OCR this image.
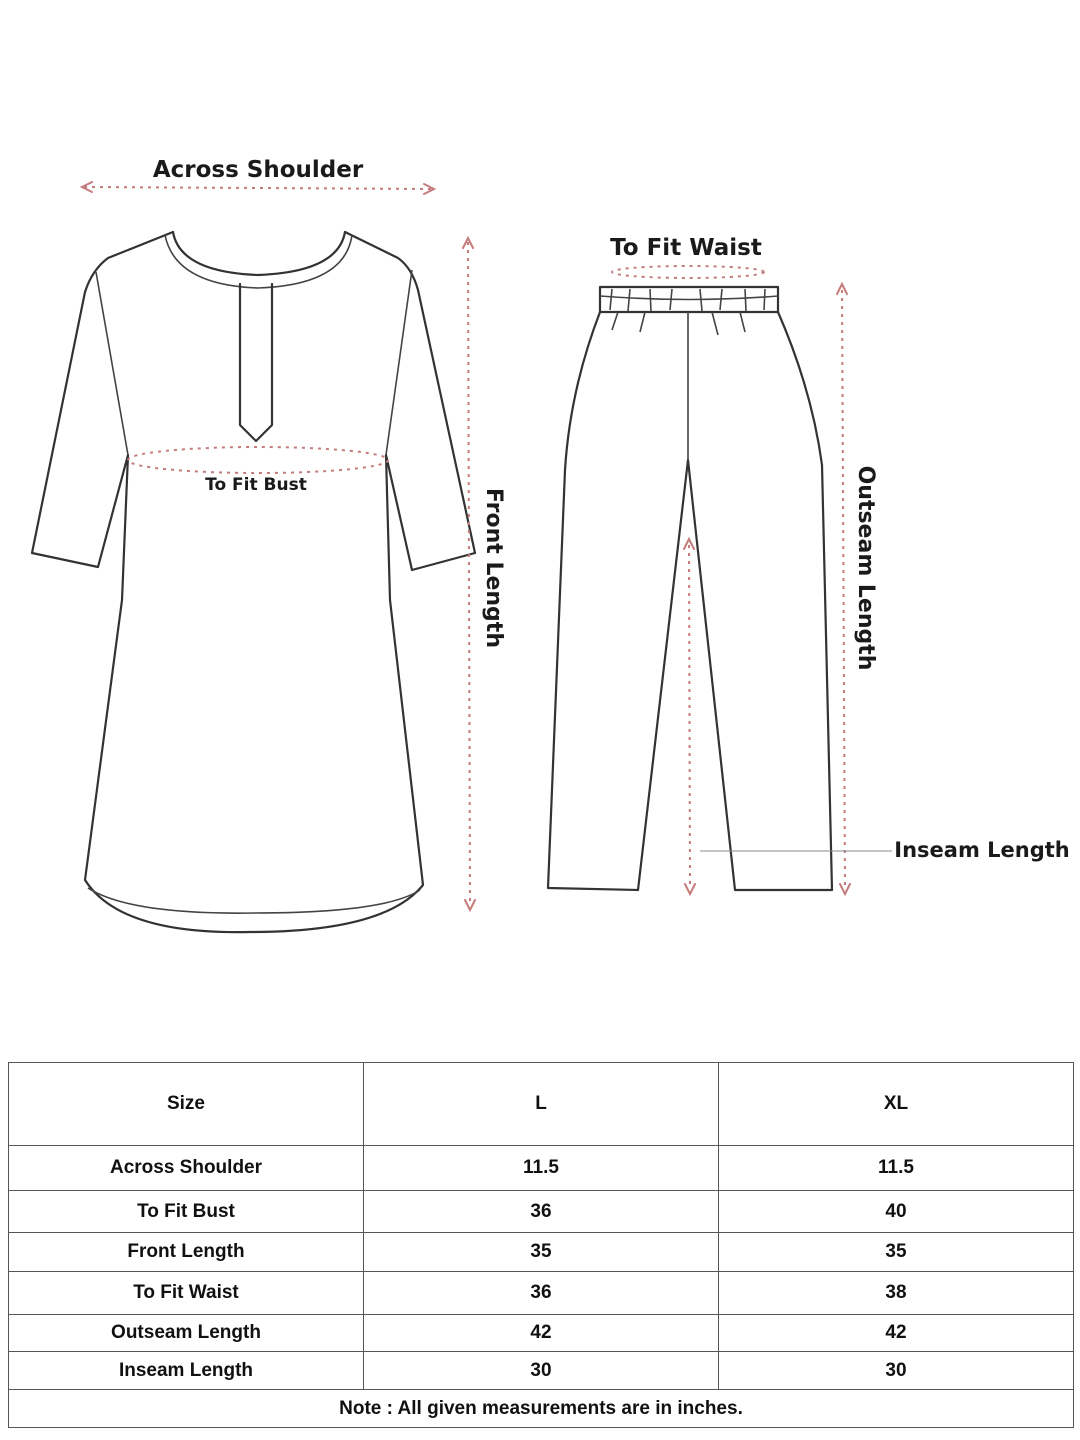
Across Shoulder
To Fit Bust
Front Length
To Fit Waist
Outseam Length
Inseam Length
Size	L	XL
Across Shoulder	11.5	11.5
To Fit Bust	36	40
Front Length	35	35
To Fit Waist	36	38
Outseam Length	42	42
Inseam Length	30	30
Note : All given measurements are in inches.		
